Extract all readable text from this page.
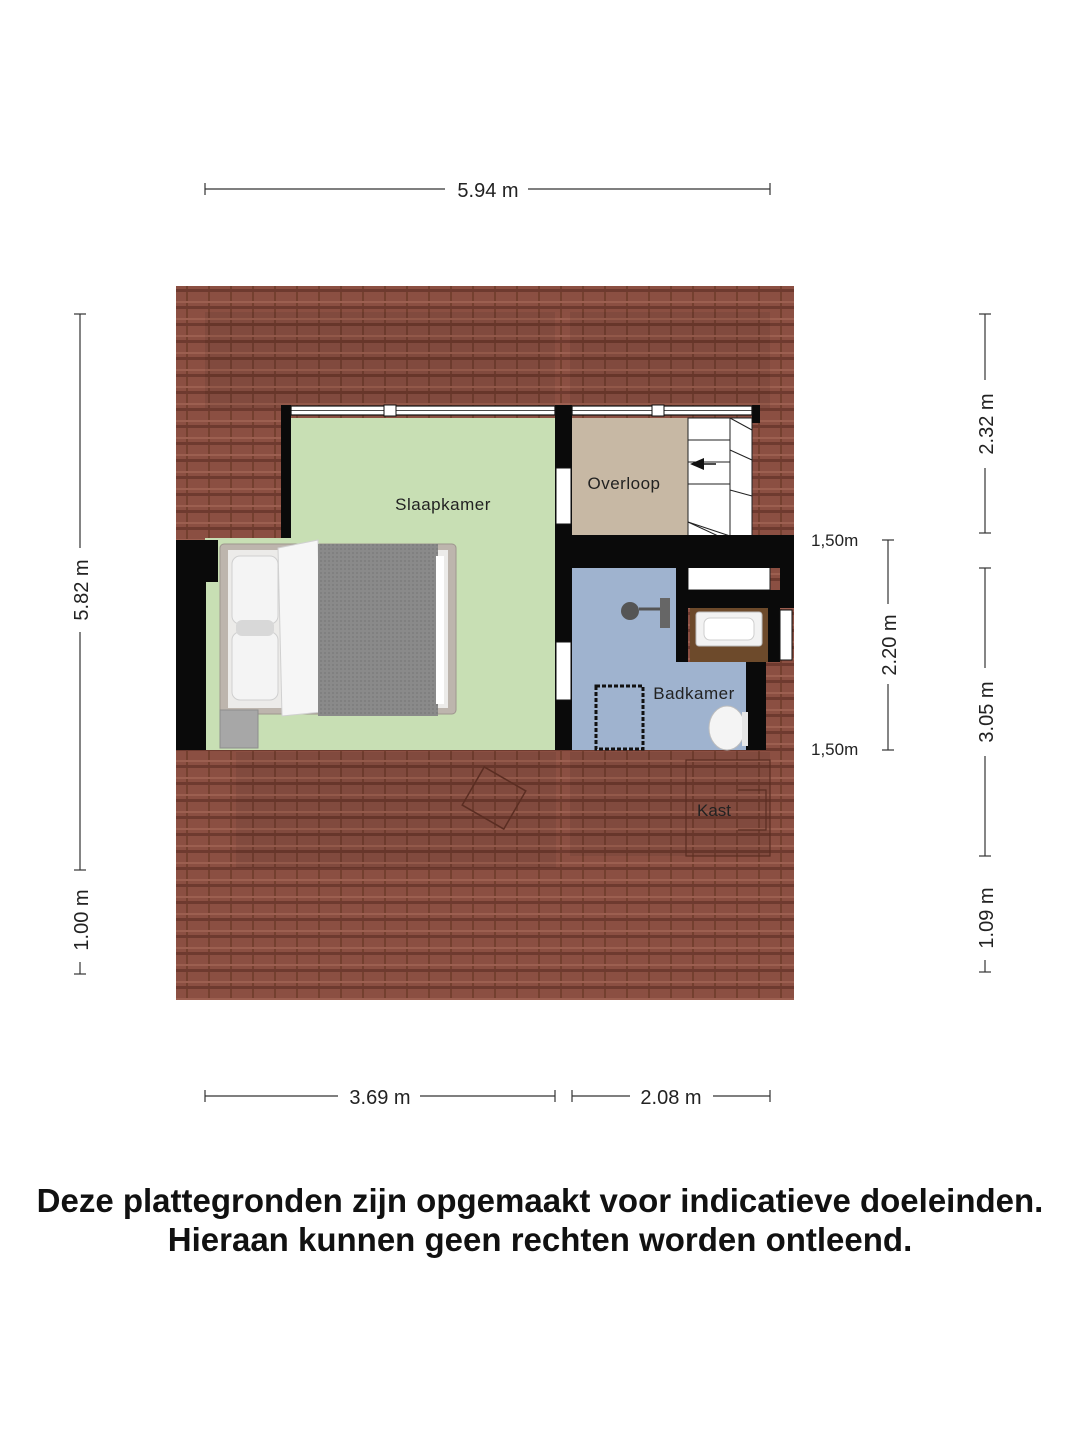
5.94 m
Kast
Slaapkamer
Overloop
Badkamer
5.82 m
1.00 m
2.32 m
3.05 m
1.09 m
2.20 m
1,50m
1,50m
3.69 m	2.08 m
Deze plattegronden zijn opgemaakt voor indicatieve doeleinden.
Hieraan kunnen geen rechten worden ontleend.
